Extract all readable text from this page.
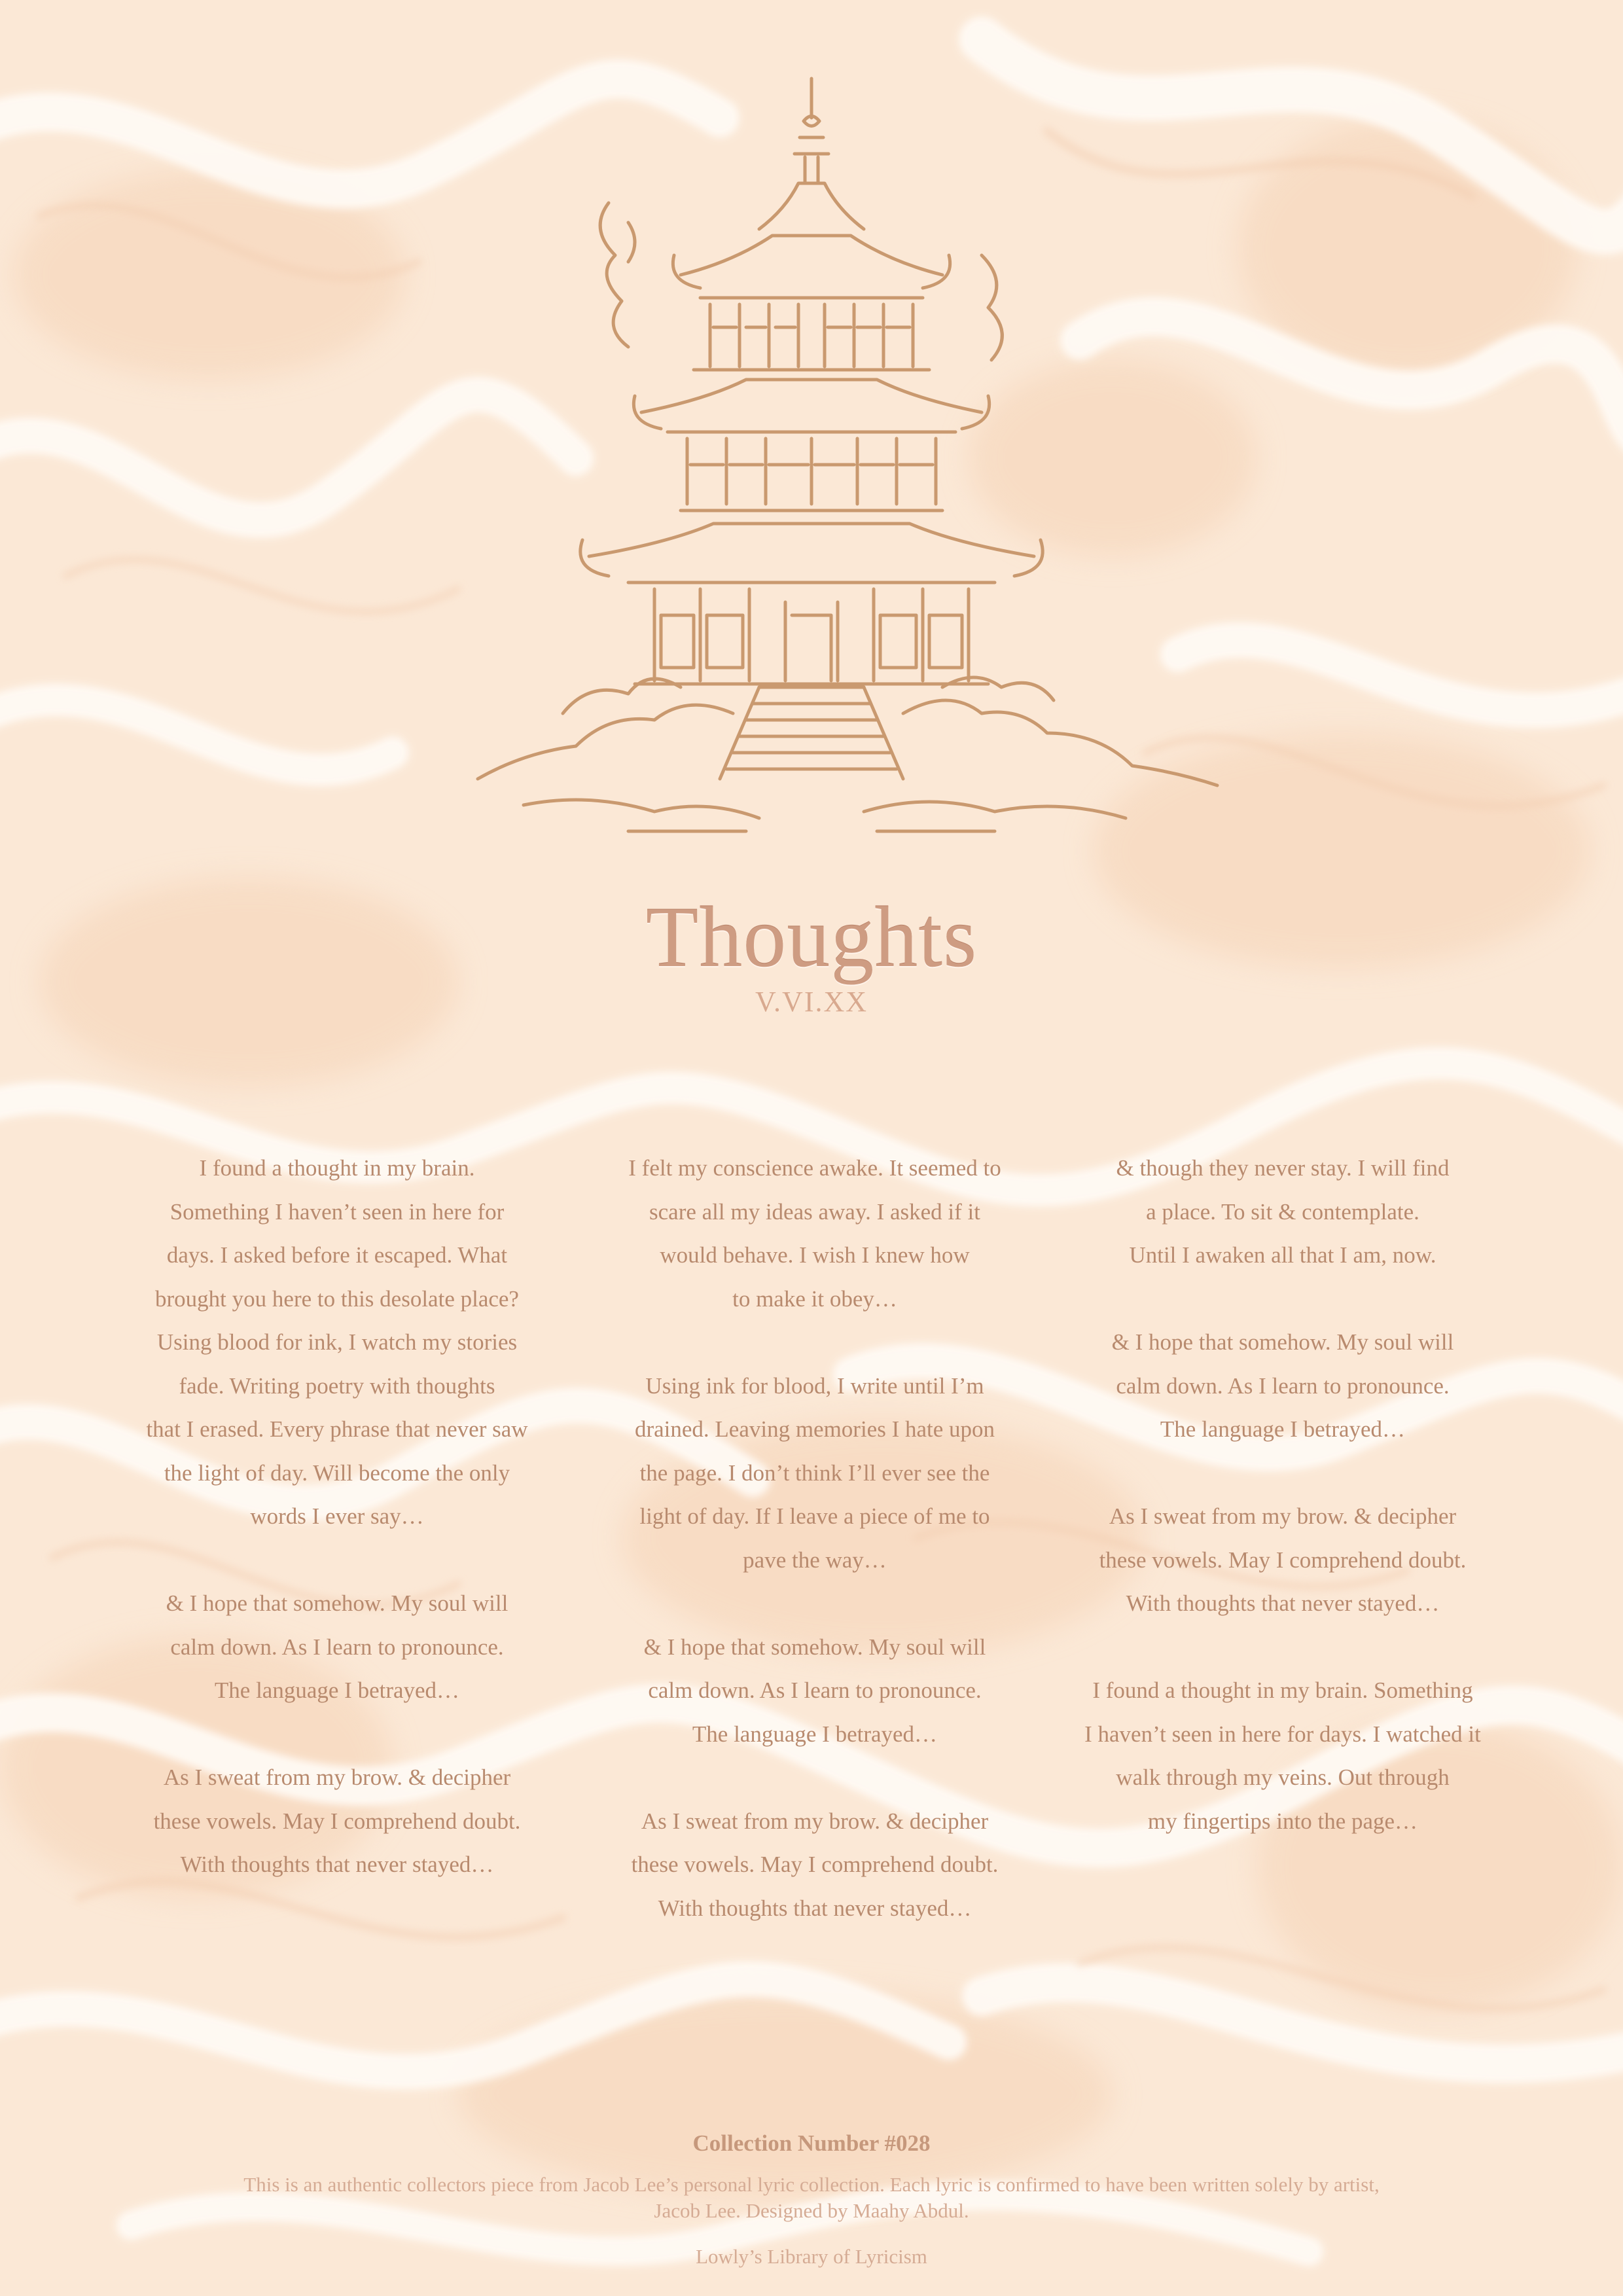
Thoughts
V.VI.XX
I found a thought in my brain.
Something I haven’t seen in here for
days. I asked before it escaped. What
brought you here to this desolate place?
Using blood for ink, I watch my stories
fade. Writing poetry with thoughts
that I erased. Every phrase that never saw
the light of day. Will become the only
words I ever say…
& I hope that somehow. My soul will
calm down. As I learn to pronounce.
The language I betrayed…
As I sweat from my brow. & decipher
these vowels. May I comprehend doubt.
With thoughts that never stayed…
I felt my conscience awake. It seemed to
scare all my ideas away. I asked if it
would behave. I wish I knew how
to make it obey…
Using ink for blood, I write until I’m
drained. Leaving memories I hate upon
the page. I don’t think I’ll ever see the
light of day. If I leave a piece of me to
pave the way…
& I hope that somehow. My soul will
calm down. As I learn to pronounce.
The language I betrayed…
As I sweat from my brow. & decipher
these vowels. May I comprehend doubt.
With thoughts that never stayed…
& though they never stay. I will find
a place. To sit & contemplate.
Until I awaken all that I am, now.
& I hope that somehow. My soul will
calm down. As I learn to pronounce.
The language I betrayed…
As I sweat from my brow. & decipher
these vowels. May I comprehend doubt.
With thoughts that never stayed…
I found a thought in my brain. Something
I haven’t seen in here for days. I watched it
walk through my veins. Out through
my fingertips into the page…
Collection Number #028
This is an authentic collectors piece from Jacob Lee’s personal lyric collection. Each lyric is confirmed to have been written solely by artist, Jacob Lee. Designed by Maahy Abdul.
Lowly’s Library of Lyricism
